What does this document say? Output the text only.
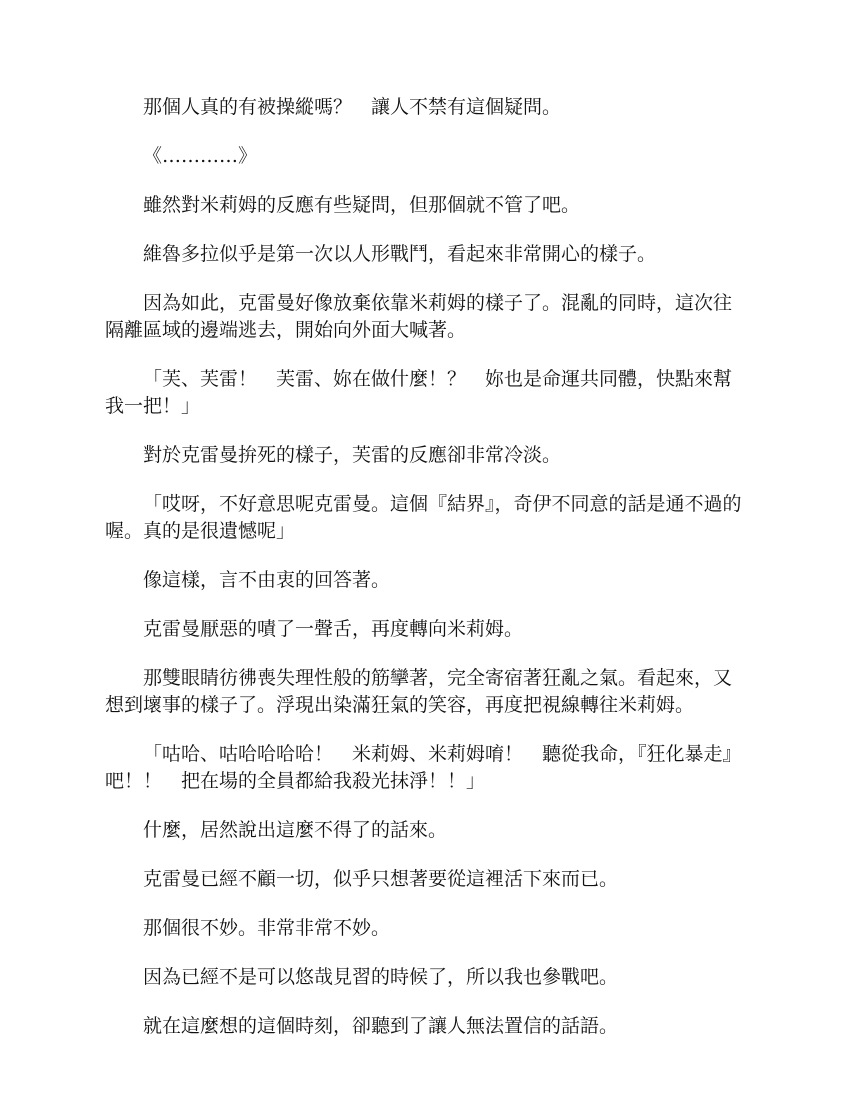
那個人真的有被操縱嗎？　讓人不禁有這個疑問。

《…………》

雖然對米莉姆的反應有些疑問，但那個就不管了吧。

維魯多拉似乎是第一次以人形戰鬥，看起來非常開心的樣子。

因為如此，克雷曼好像放棄依靠米莉姆的樣子了。混亂的同時，這次往隔離區域的邊端逃去，開始向外面大喊著。

「芙、芙雷！　芙雷、妳在做什麼！？　妳也是命運共同體，快點來幫我一把！」

對於克雷曼拚死的樣子，芙雷的反應卻非常冷淡。

「哎呀，不好意思呢克雷曼。這個『結界』，奇伊不同意的話是通不過的喔。真的是很遺憾呢」

像這樣，言不由衷的回答著。

克雷曼厭惡的嘖了一聲舌，再度轉向米莉姆。

那雙眼睛彷彿喪失理性般的筋攣著，完全寄宿著狂亂之氣。看起來，又想到壞事的樣子了。浮現出染滿狂氣的笑容，再度把視線轉往米莉姆。

「咕哈、咕哈哈哈哈！　米莉姆、米莉姆唷！　聽從我命，『狂化暴走』吧！！　把在場的全員都給我殺光抹淨！！」

什麼，居然說出這麼不得了的話來。

克雷曼已經不顧一切，似乎只想著要從這裡活下來而已。

那個很不妙。非常非常不妙。

因為已經不是可以悠哉見習的時候了，所以我也參戰吧。

就在這麼想的這個時刻，卻聽到了讓人無法置信的話語。
